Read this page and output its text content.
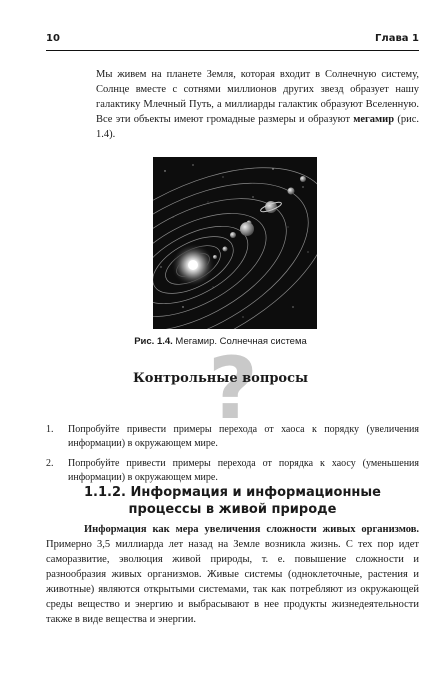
10	Глава 1

Мы живем на планете Земля, которая входит в Солнечную систему, Солнце вместе с сотнями миллионов других звезд образует нашу галактику Млечный Путь, а миллиарды галактик образуют Вселенную. Все эти объекты имеют громадные размеры и образуют мегамир (рис. 1.4).

Рис. 1.4. Мегамир. Солнечная система

?
Контрольные вопросы
1. Попробуйте привести примеры перехода от хаоса к порядку (увеличения информации) в окружающем мире.
2. Попробуйте привести примеры перехода от порядка к хаосу (уменьшения информации) в окружающем мире.
1.1.2. Информация и информационные процессы в живой природе

Информация как мера увеличения сложности живых организмов. Примерно 3,5 миллиарда лет назад на Земле возникла жизнь. С тех пор идет саморазвитие, эволюция живой природы, т. е. повышение сложности и разнообразия живых организмов. Живые системы (одноклеточные, растения и животные) являются открытыми системами, так как потребляют из окружающей среды вещество и энергию и выбрасывают в нее продукты жизнедеятельности также в виде вещества и энергии.
